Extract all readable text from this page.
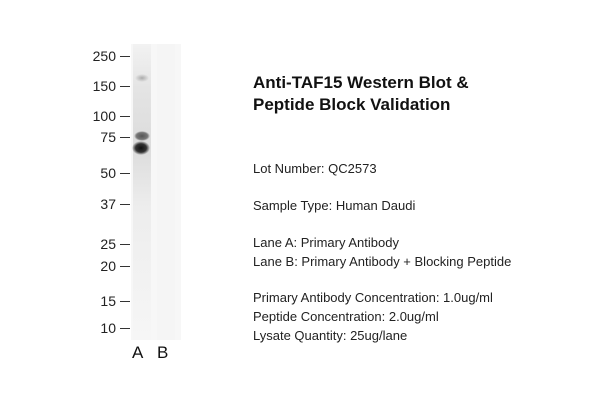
250
150
100
75
50
37
25
20
15
10
A B
Anti-TAF15 Western Blot &
Peptide Block Validation
Lot Number: QC2573
Sample Type: Human Daudi
Lane A: Primary Antibody
Lane B: Primary Antibody + Blocking Peptide
Primary Antibody Concentration: 1.0ug/ml
Peptide Concentration: 2.0ug/ml
Lysate Quantity: 25ug/lane
